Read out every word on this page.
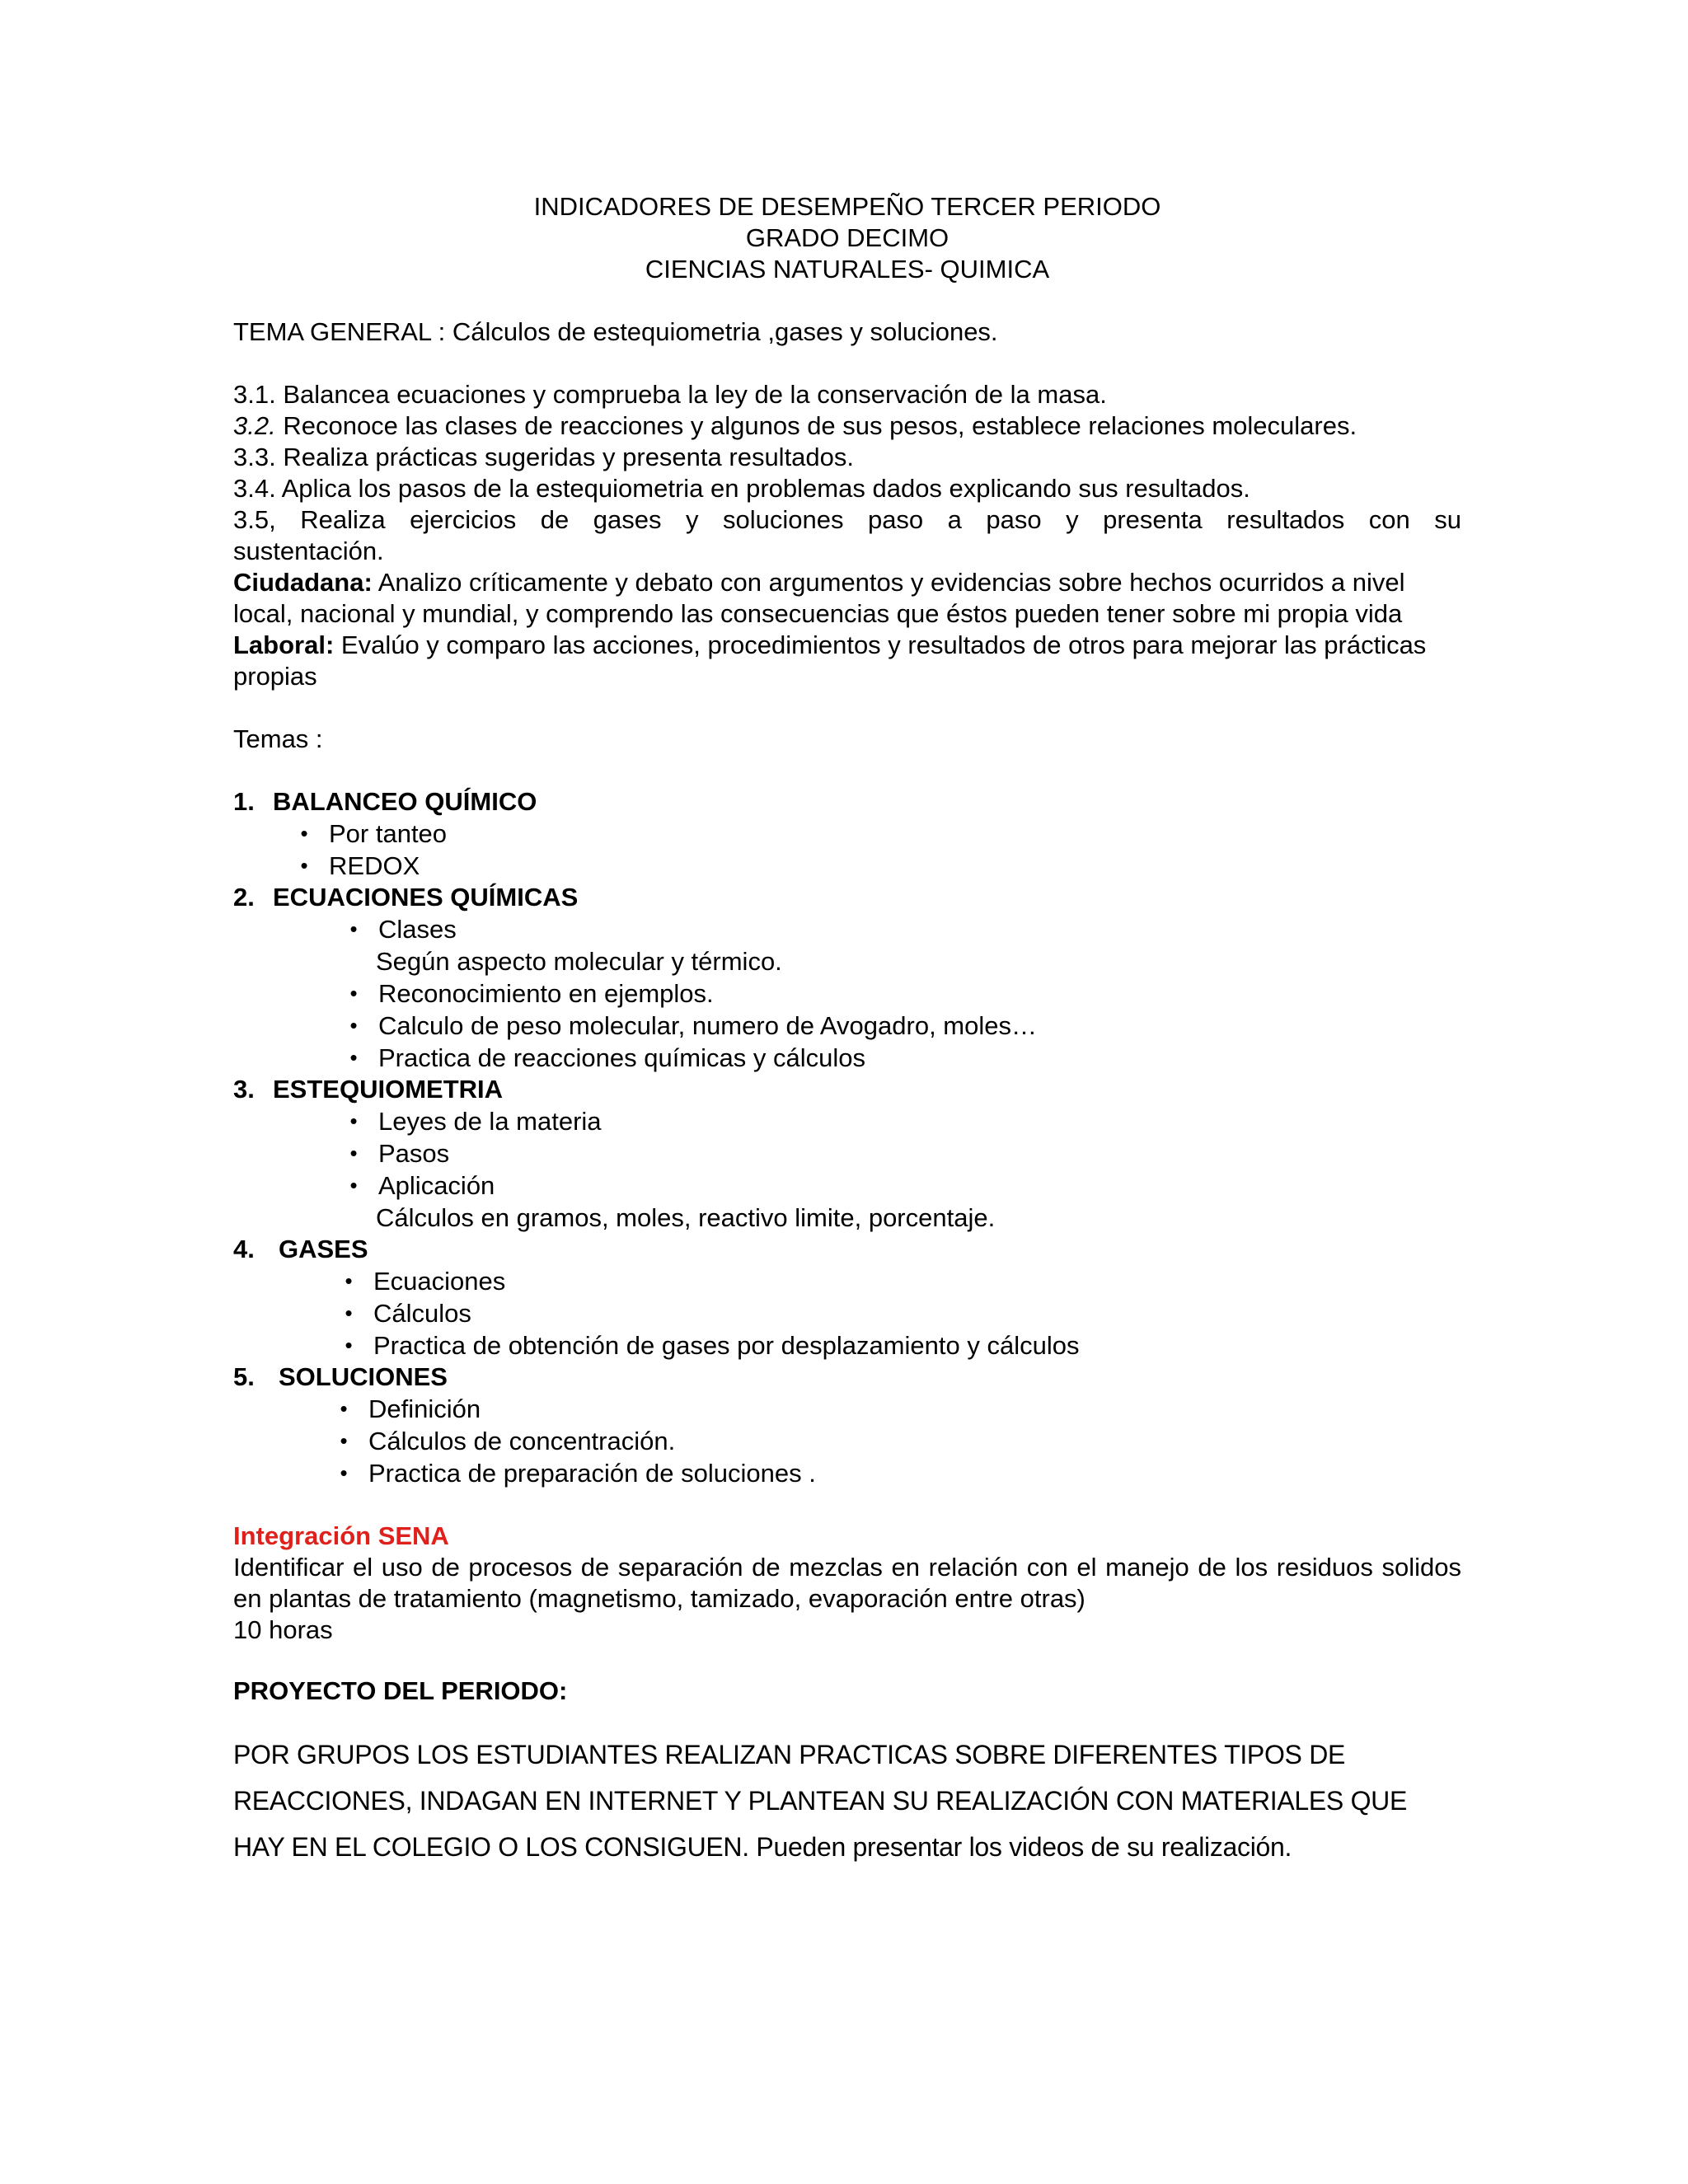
INDICADORES DE DESEMPEÑO TERCER PERIODO
GRADO DECIMO
CIENCIAS NATURALES- QUIMICA

TEMA GENERAL : Cálculos de estequiometria ,gases y soluciones.

3.1. Balancea ecuaciones y comprueba la ley de la conservación de la masa.

3.2. Reconoce las clases de reacciones y algunos de sus pesos, establece relaciones moleculares.

3.3. Realiza prácticas sugeridas y presenta resultados.

3.4. Aplica los pasos de la estequiometria en problemas dados explicando sus resultados.

3.5, Realiza ejercicios de gases y soluciones paso a paso y presenta resultados con su sustentación.

Ciudadana: Analizo críticamente y debato con argumentos y evidencias sobre hechos ocurridos a nivel local, nacional y mundial, y comprendo las consecuencias que éstos pueden tener sobre mi propia vida

Laboral: Evalúo y comparo las acciones, procedimientos y resultados de otros para mejorar las prácticas propias

Temas :

1. BALANCEO QUÍMICO
• Por tanteo
• REDOX
2. ECUACIONES QUÍMICAS
• Clases
Según aspecto molecular y térmico.
• Reconocimiento en ejemplos.
• Calculo de peso molecular, numero de Avogadro, moles…
• Practica de reacciones químicas y cálculos
3. ESTEQUIOMETRIA
• Leyes de la materia
• Pasos
• Aplicación
Cálculos en gramos, moles, reactivo limite, porcentaje.
4. GASES
• Ecuaciones
• Cálculos
• Practica de obtención de gases por desplazamiento y cálculos
5. SOLUCIONES
• Definición
• Cálculos de concentración.
• Practica de preparación de soluciones .

Integración SENA

Identificar el uso de procesos de separación de mezclas en relación con el manejo de los residuos solidos en plantas de tratamiento (magnetismo, tamizado, evaporación entre otras)

10 horas

PROYECTO DEL PERIODO:

POR GRUPOS LOS ESTUDIANTES REALIZAN PRACTICAS SOBRE DIFERENTES TIPOS DE REACCIONES, INDAGAN EN INTERNET Y PLANTEAN SU REALIZACIÓN CON MATERIALES QUE HAY EN EL COLEGIO O LOS CONSIGUEN. Pueden presentar los videos de su realización.
